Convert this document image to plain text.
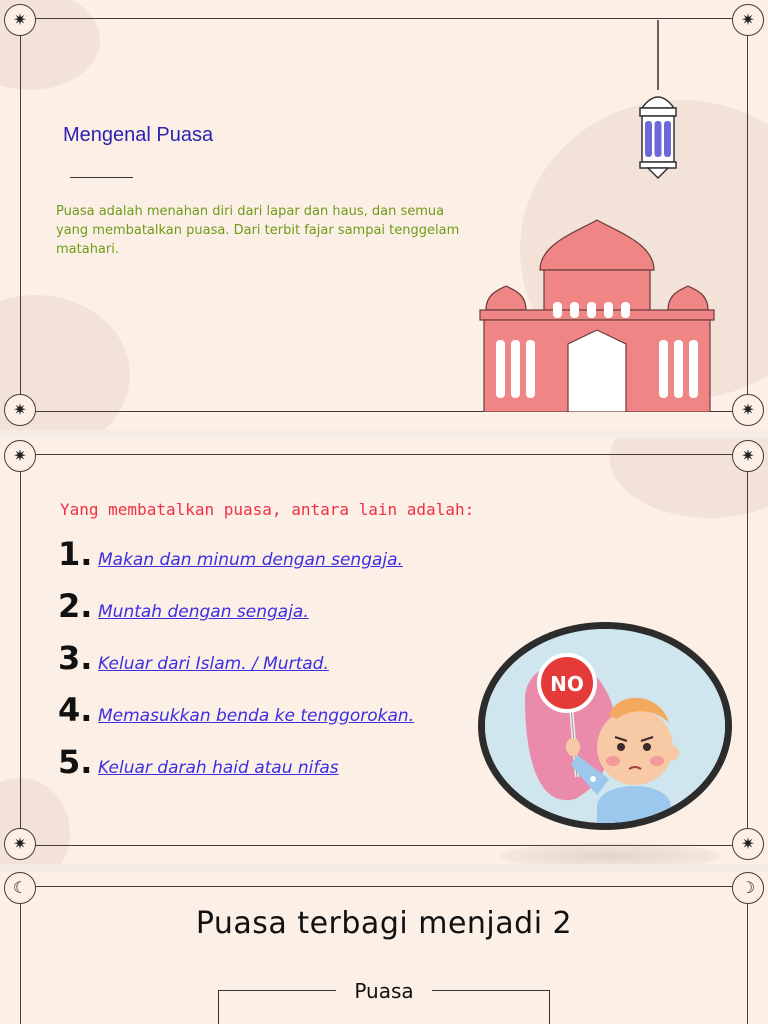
✷	✷
✷	✷
Mengenal Puasa
Puasa adalah menahan diri dari lapar dan haus, dan semua yang membatalkan puasa. Dari terbit fajar sampai tenggelam matahari.
✷	✷
✷	✷
Yang membatalkan puasa, antara lain adalah:
1. Makan dan minum dengan sengaja.
2. Muntah dengan sengaja.
3. Keluar dari Islam. / Murtad.
4. Memasukkan benda ke tenggorokan.
5. Keluar darah haid atau nifas
NO
☾	☽
Puasa terbagi menjadi 2
Puasa
